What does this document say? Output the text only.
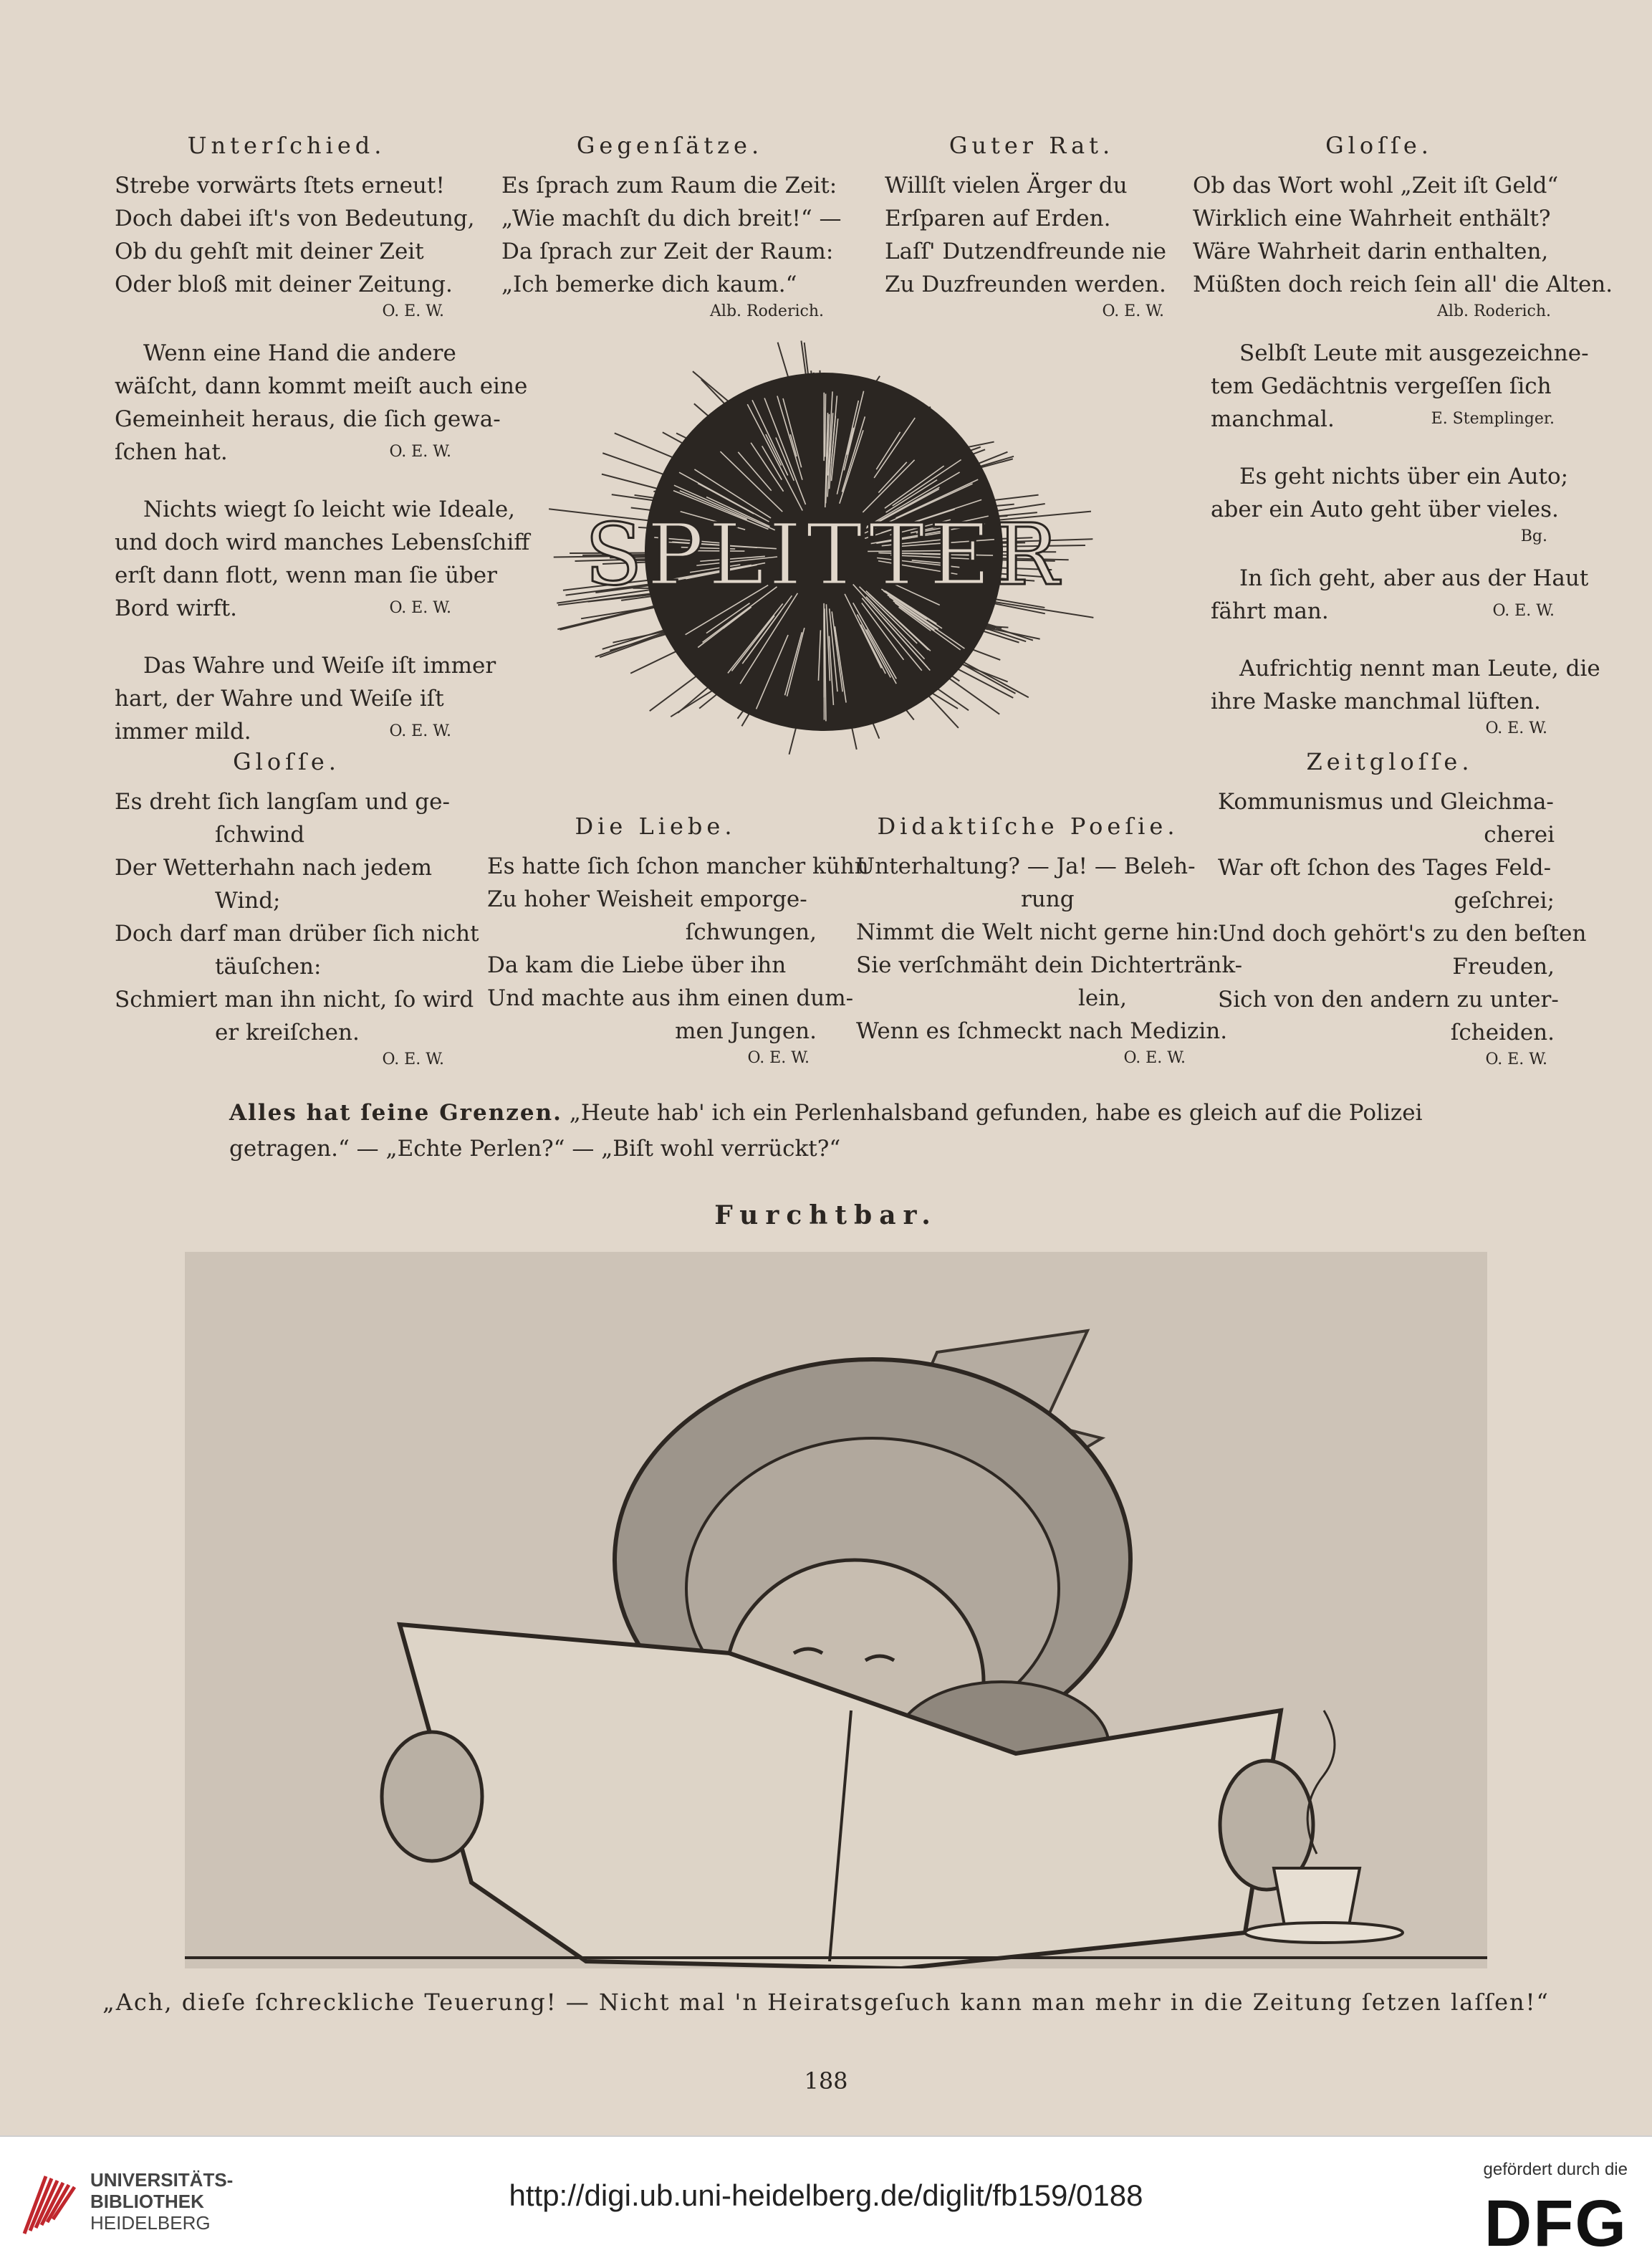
Unterſchied.
Strebe vorwärts ſtets erneut!
Doch dabei iſt's von Bedeutung,
Ob du gehſt mit deiner Zeit
Oder bloß mit deiner Zeitung.
O. E. W.
Gegenſätze.
Es ſprach zum Raum die Zeit:
„Wie machſt du dich breit!“ —
Da ſprach zur Zeit der Raum:
„Ich bemerke dich kaum.“
Alb. Roderich.
Guter Rat.
Willſt vielen Ärger du
Erſparen auf Erden.
Laſſ' Dutzendfreunde nie
Zu Duzfreunden werden.
O. E. W.
Gloſſe.
Ob das Wort wohl „Zeit iſt Geld“
Wirklich eine Wahrheit enthält?
Wäre Wahrheit darin enthalten,
Müßten doch reich ſein all' die Alten.
Alb. Roderich.
Wenn eine Hand die andere
wäſcht, dann kommt meiſt auch eine
Gemeinheit heraus, die ſich gewa-
ſchen hat.	O. E. W.
Nichts wiegt ſo leicht wie Ideale,
und doch wird manches Lebensſchiff
erſt dann flott, wenn man ſie über
Bord wirft.	O. E. W.
Das Wahre und Weiſe iſt immer
hart, der Wahre und Weiſe iſt
immer mild.	O. E. W.
Selbſt Leute mit ausgezeichne-
tem Gedächtnis vergeſſen ſich
manchmal.	E. Stemplinger.
Es geht nichts über ein Auto;
aber ein Auto geht über vieles.
Bg.
In ſich geht, aber aus der Haut
fährt man.	O. E. W.
Aufrichtig nennt man Leute, die
ihre Maske manchmal lüften.
O. E. W.
SPLITTER
Gloſſe.
Es dreht ſich langſam und ge-
ſchwind
Der Wetterhahn nach jedem
Wind;
Doch darf man drüber ſich nicht
täuſchen:
Schmiert man ihn nicht, ſo wird
er kreiſchen.
O. E. W.
Die Liebe.
Es hatte ſich ſchon mancher kühn
Zu hoher Weisheit emporge-
ſchwungen,
Da kam die Liebe über ihn
Und machte aus ihm einen dum-
men Jungen.
O. E. W.
Didaktiſche Poeſie.
Unterhaltung? — Ja! — Beleh-
rung
Nimmt die Welt nicht gerne hin:
Sie verſchmäht dein Dichtertränk-
lein,
Wenn es ſchmeckt nach Medizin.
O. E. W.
Zeitgloſſe.
Kommunismus und Gleichma-
cherei
War oft ſchon des Tages Feld-
geſchrei;
Und doch gehört's zu den beſten
Freuden,
Sich von den andern zu unter-
ſcheiden.
O. E. W.
Alles hat ſeine Grenzen. „Heute hab' ich ein Perlenhalsband gefunden, habe es gleich auf die Polizei getragen.“ — „Echte Perlen?“ — „Biſt wohl verrückt?“
Furchtbar.
„Ach, dieſe ſchreckliche Teuerung! — Nicht mal 'n Heiratsgeſuch kann man mehr in die Zeitung ſetzen laſſen!“
188
UNIVERSITÄTS-
BIBLIOTHEK
HEIDELBERG
http://digi.ub.uni-heidelberg.de/diglit/fb159/0188
gefördert durch die
DFG
